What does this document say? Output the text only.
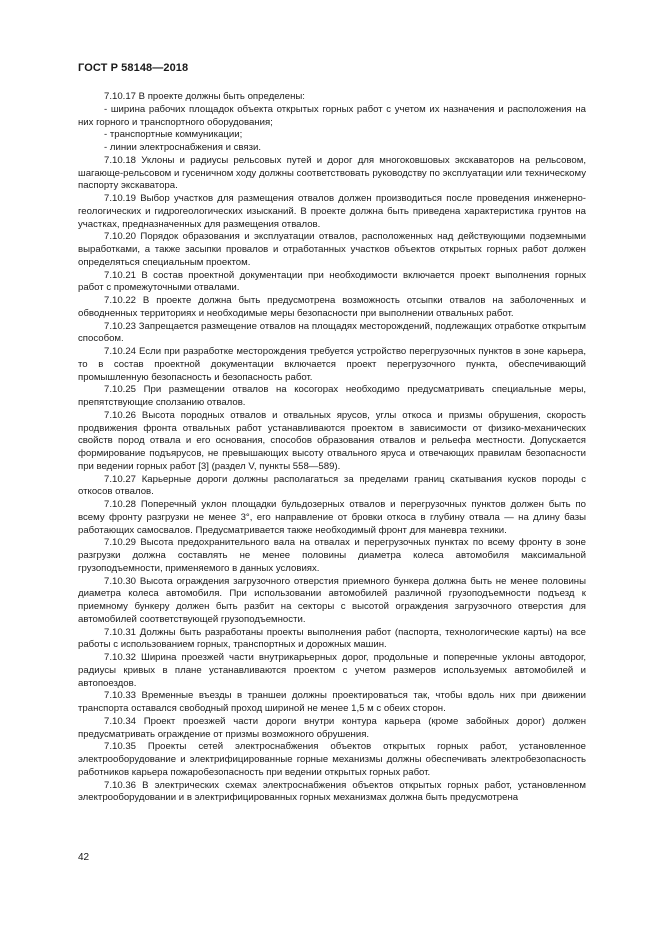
ГОСТ Р 58148—2018

7.10.17 В проекте должны быть определены:

- ширина рабочих площадок объекта открытых горных работ с учетом их назначения и расположения на них горного и транспортного оборудования;

- транспортные коммуникации;

- линии электроснабжения и связи.

7.10.18 Уклоны и радиусы рельсовых путей и дорог для многоковшовых экскаваторов на рельсовом, шагающе-рельсовом и гусеничном ходу должны соответствовать руководству по эксплуатации или техническому паспорту экскаватора.

7.10.19 Выбор участков для размещения отвалов должен производиться после проведения инженерно-геологических и гидрогеологических изысканий. В проекте должна быть приведена характеристика грунтов на участках, предназначенных для размещения отвалов.

7.10.20 Порядок образования и эксплуатации отвалов, расположенных над действующими подземными выработками, а также засыпки провалов и отработанных участков объектов открытых горных работ должен определяться специальным проектом.

7.10.21 В состав проектной документации при необходимости включается проект выполнения горных работ с промежуточными отвалами.

7.10.22 В проекте должна быть предусмотрена возможность отсыпки отвалов на заболоченных и обводненных территориях и необходимые меры безопасности при выполнении отвальных работ.

7.10.23 Запрещается размещение отвалов на площадях месторождений, подлежащих отработке открытым способом.

7.10.24 Если при разработке месторождения требуется устройство перегрузочных пунктов в зоне карьера, то в состав проектной документации включается проект перегрузочного пункта, обеспечивающий промышленную безопасность и безопасность работ.

7.10.25 При размещении отвалов на косогорах необходимо предусматривать специальные меры, препятствующие сползанию отвалов.

7.10.26 Высота породных отвалов и отвальных ярусов, углы откоса и призмы обрушения, скорость продвижения фронта отвальных работ устанавливаются проектом в зависимости от физико-механических свойств пород отвала и его основания, способов образования отвалов и рельефа местности. Допускается формирование подъярусов, не превышающих высоту отвального яруса и отвечающих правилам безопасности при ведении горных работ [3] (раздел V, пункты 558—589).

7.10.27 Карьерные дороги должны располагаться за пределами границ скатывания кусков породы с откосов отвалов.

7.10.28 Поперечный уклон площадки бульдозерных отвалов и перегрузочных пунктов должен быть по всему фронту разгрузки не менее 3°, его направление от бровки откоса в глубину отвала — на длину базы работающих самосвалов. Предусматривается также необходимый фронт для маневра техники.

7.10.29 Высота предохранительного вала на отвалах и перегрузочных пунктах по всему фронту в зоне разгрузки должна составлять не менее половины диаметра колеса автомобиля максимальной грузоподъемности, применяемого в данных условиях.

7.10.30 Высота ограждения загрузочного отверстия приемного бункера должна быть не менее половины диаметра колеса автомобиля. При использовании автомобилей различной грузоподъемности подъезд к приемному бункеру должен быть разбит на секторы с высотой ограждения загрузочного отверстия для автомобилей соответствующей грузоподъемности.

7.10.31 Должны быть разработаны проекты выполнения работ (паспорта, технологические карты) на все работы с использованием горных, транспортных и дорожных машин.

7.10.32 Ширина проезжей части внутрикарьерных дорог, продольные и поперечные уклоны автодорог, радиусы кривых в плане устанавливаются проектом с учетом размеров используемых автомобилей и автопоездов.

7.10.33 Временные въезды в траншеи должны проектироваться так, чтобы вдоль них при движении транспорта оставался свободный проход шириной не менее 1,5 м с обеих сторон.

7.10.34 Проект проезжей части дороги внутри контура карьера (кроме забойных дорог) должен предусматривать ограждение от призмы возможного обрушения.

7.10.35 Проекты сетей электроснабжения объектов открытых горных работ, установленное электрооборудование и электрифицированные горные механизмы должны обеспечивать электробезопасность работников карьера пожаробезопасность при ведении открытых горных работ.

7.10.36 В электрических схемах электроснабжения объектов открытых горных работ, установленном электрооборудовании и в электрифицированных горных механизмах должна быть предусмотрена

42
